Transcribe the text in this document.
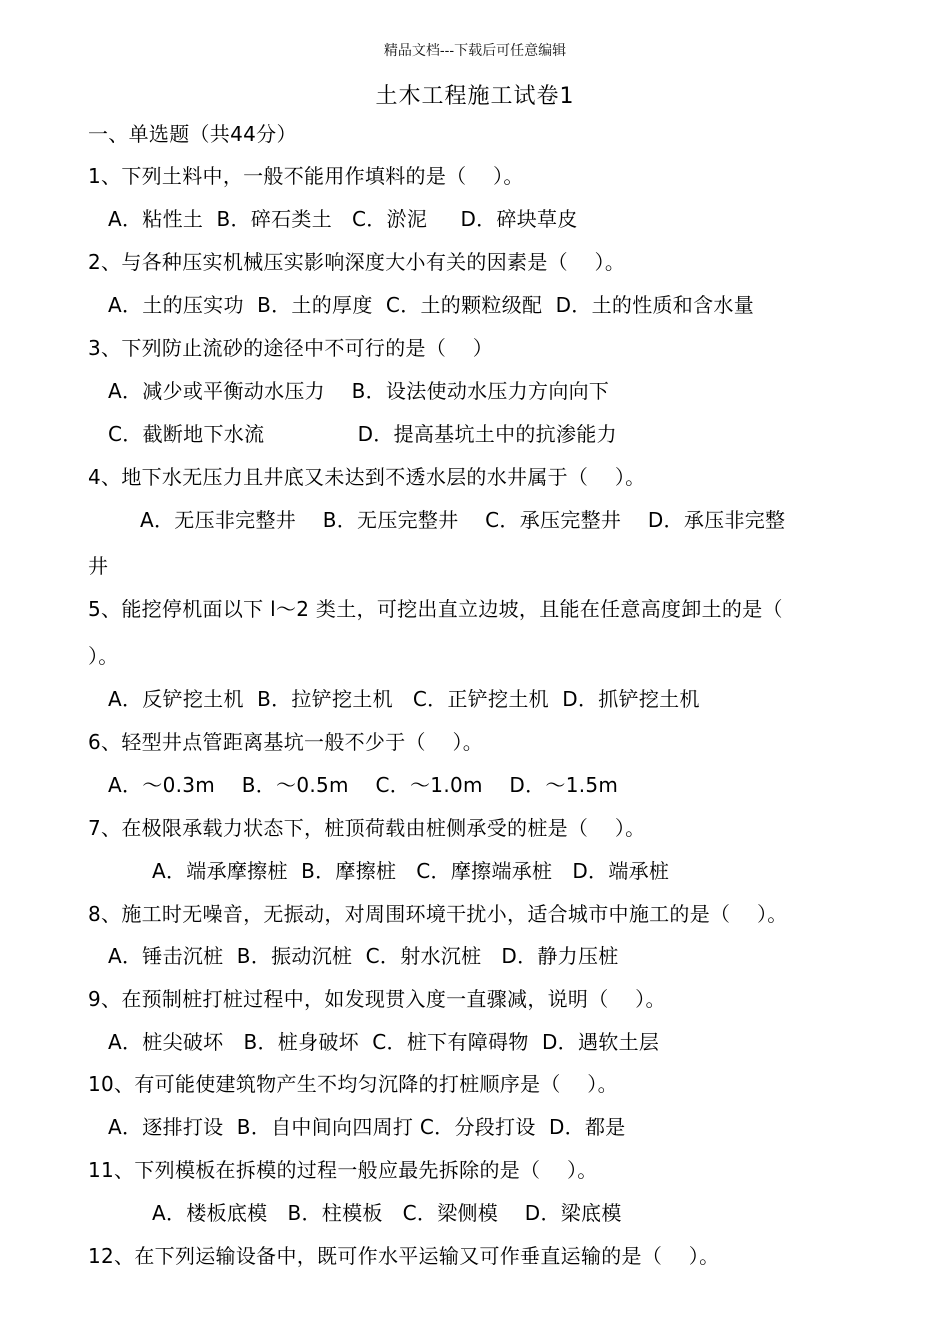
精品文档---下载后可任意编辑
土木工程施工试卷1
一、单选题（共44分）
1、下列土料中，一般不能用作填料的是（    ）。
A．粘性土  B．碎石类土   C．淤泥     D．碎块草皮
2、与各种压实机械压实影响深度大小有关的因素是（    ）。
A．土的压实功  B．土的厚度  C．土的颗粒级配  D．土的性质和含水量
3、下列防止流砂的途径中不可行的是（    ）
A．减少或平衡动水压力    B．设法使动水压力方向向下
C．截断地下水流              D．提高基坑土中的抗渗能力
4、地下水无压力且井底又未达到不透水层的水井属于（    ）。
A．无压非完整井    B．无压完整井    C．承压完整井    D．承压非完整
井
5、能挖停机面以下 l～2 类土，可挖出直立边坡，且能在任意高度卸土的是（
）。
A．反铲挖土机  B．拉铲挖土机   C．正铲挖土机  D．抓铲挖土机
6、轻型井点管距离基坑一般不少于（    ）。
A．～0.3m    B．～0.5m    C．～1.0m    D．～1.5m
7、在极限承载力状态下，桩顶荷载由桩侧承受的桩是（    ）。
A．端承摩擦桩  B．摩擦桩   C．摩擦端承桩   D．端承桩
8、施工时无噪音，无振动，对周围环境干扰小，适合城市中施工的是（    ）。
A．锤击沉桩  B．振动沉桩  C．射水沉桩   D．静力压桩
9、在预制桩打桩过程中，如发现贯入度一直骤减，说明（    ）。
A．桩尖破坏   B．桩身破坏  C．桩下有障碍物  D．遇软土层
10、有可能使建筑物产生不均匀沉降的打桩顺序是（    ）。
A．逐排打设  B．自中间向四周打 C．分段打设  D．都是
11、下列模板在拆模的过程一般应最先拆除的是（    ）。
A．楼板底模   B．柱模板   C．梁侧模    D．梁底模
12、在下列运输设备中，既可作水平运输又可作垂直运输的是（    ）。
